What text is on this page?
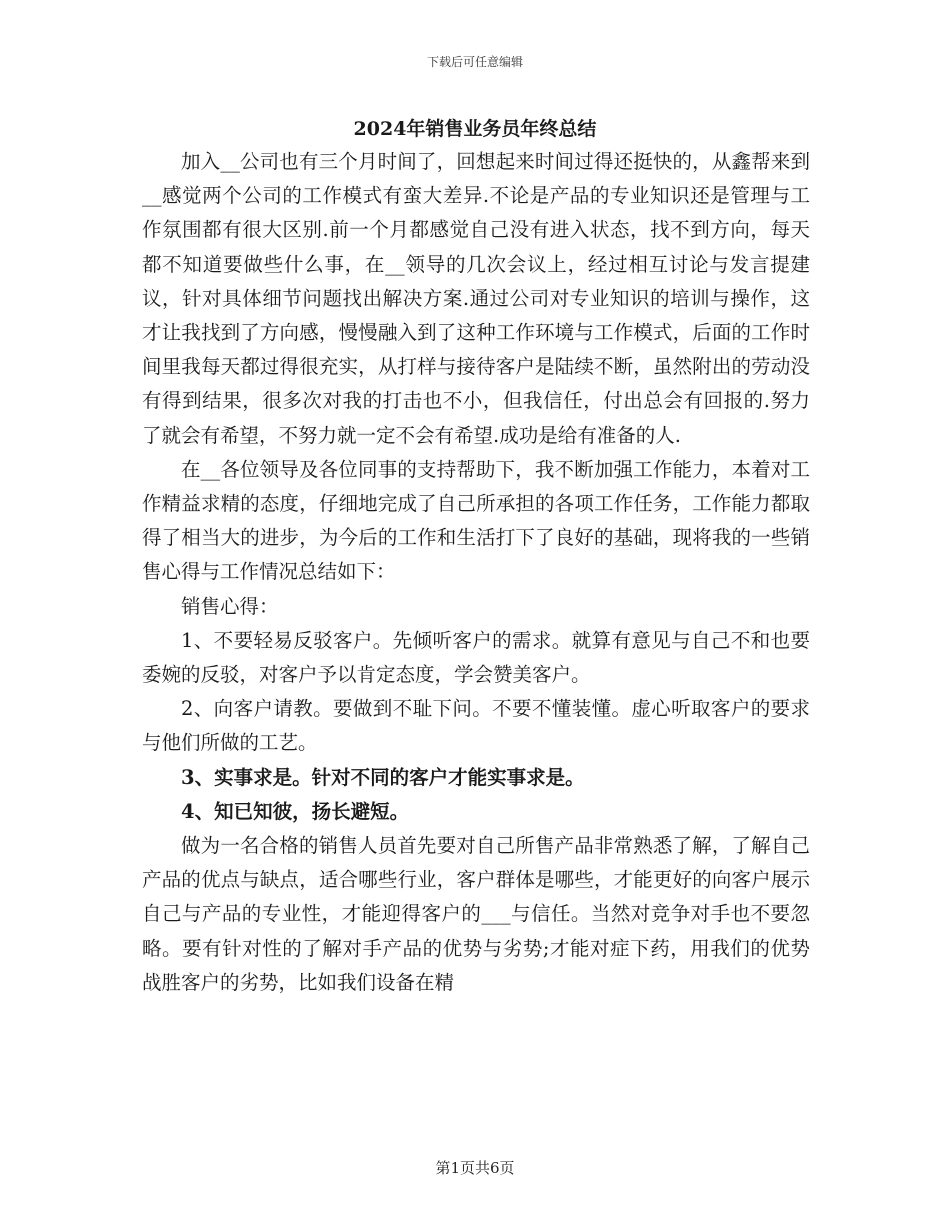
下载后可任意编辑
2024年销售业务员年终总结

加入__公司也有三个月时间了，回想起来时间过得还挺快的，从鑫帮来到__感觉两个公司的工作模式有蛮大差异.不论是产品的专业知识还是管理与工作氛围都有很大区别.前一个月都感觉自己没有进入状态，找不到方向，每天都不知道要做些什么事，在__领导的几次会议上，经过相互讨论与发言提建议，针对具体细节问题找出解决方案.通过公司对专业知识的培训与操作，这才让我找到了方向感，慢慢融入到了这种工作环境与工作模式，后面的工作时间里我每天都过得很充实，从打样与接待客户是陆续不断，虽然附出的劳动没有得到结果，很多次对我的打击也不小，但我信任，付出总会有回报的.努力了就会有希望，不努力就一定不会有希望.成功是给有准备的人.

在__各位领导及各位同事的支持帮助下，我不断加强工作能力，本着对工作精益求精的态度，仔细地完成了自己所承担的各项工作任务，工作能力都取得了相当大的进步，为今后的工作和生活打下了良好的基础，现将我的一些销售心得与工作情况总结如下：

销售心得：

1、不要轻易反驳客户。先倾听客户的需求。就算有意见与自己不和也要委婉的反驳，对客户予以肯定态度，学会赞美客户。

2、向客户请教。要做到不耻下问。不要不懂装懂。虚心听取客户的要求与他们所做的工艺。

3、实事求是。针对不同的客户才能实事求是。

4、知已知彼，扬长避短。

做为一名合格的销售人员首先要对自己所售产品非常熟悉了解，了解自己产品的优点与缺点，适合哪些行业，客户群体是哪些，才能更好的向客户展示自己与产品的专业性，才能迎得客户的___与信任。当然对竞争对手也不要忽略。要有针对性的了解对手产品的优势与劣势;才能对症下药，用我们的优势战胜客户的劣势，比如我们设备在精

第1页共6页
